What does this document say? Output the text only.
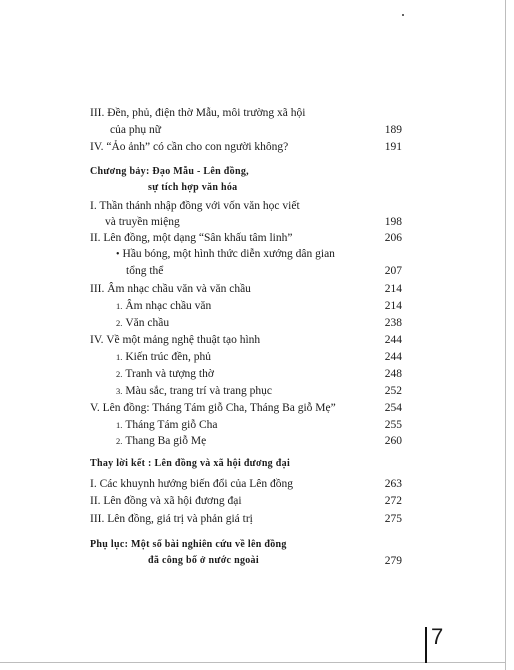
III. Đền, phủ, điện thờ Mẫu, môi trường xã hội
của phụ nữ	189
IV. “Ảo ảnh” có cần cho con người không?	191
Chương bảy: Đạo Mẫu - Lên đồng,
sự tích hợp văn hóa
I. Thần thánh nhập đồng với vốn văn học viết
và truyền miệng	198
II. Lên đồng, một dạng “Sân khấu tâm linh”	206
• Hầu bóng, một hình thức diễn xướng dân gian
tổng thể	207
III. Âm nhạc chầu văn và văn chầu	214
1. Âm nhạc chầu văn	214
2. Văn chầu	238
IV. Về một mảng nghệ thuật tạo hình	244
1. Kiến trúc đền, phủ	244
2. Tranh và tượng thờ	248
3. Màu sắc, trang trí và trang phục	252
V. Lên đồng: Tháng Tám giỗ Cha, Tháng Ba giỗ Mẹ”	254
1. Tháng Tám giỗ Cha	255
2. Thang Ba giỗ Mẹ	260
Thay lời kết : Lên đồng và xã hội đương đại
I. Các khuynh hướng biến đổi của Lên đồng	263
II. Lên đồng và xã hội đương đại	272
III. Lên đồng, giá trị và phản giá trị	275
Phụ lục: Một số bài nghiên cứu về lên đồng
đã công bố ở nước ngoài	279
7
